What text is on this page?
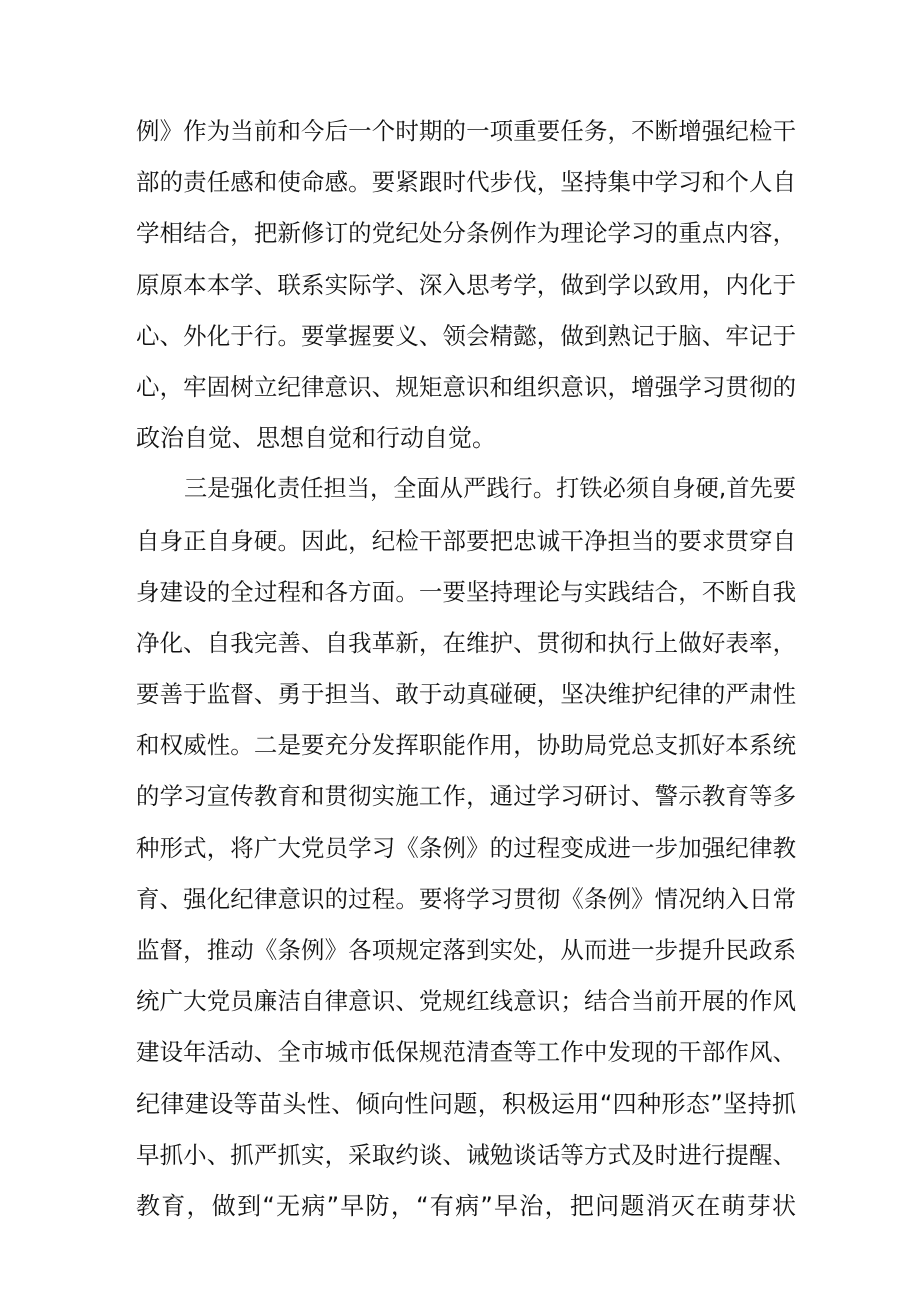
例》作为当前和今后一个时期的一项重要任务，不断增强纪检干
部的责任感和使命感。要紧跟时代步伐，坚持集中学习和个人自
学相结合，把新修订的党纪处分条例作为理论学习的重点内容，
原原本本学、联系实际学、深入思考学，做到学以致用，内化于
心、外化于行。要掌握要义、领会精懿，做到熟记于脑、牢记于
心，牢固树立纪律意识、规矩意识和组织意识，增强学习贯彻的
政治自觉、思想自觉和行动自觉。
三是强化责任担当，全面从严践行。打铁必须自身硬,首先要
自身正自身硬。因此，纪检干部要把忠诚干净担当的要求贯穿自
身建设的全过程和各方面。一要坚持理论与实践结合，不断自我
净化、自我完善、自我革新，在维护、贯彻和执行上做好表率，
要善于监督、勇于担当、敢于动真碰硬，坚决维护纪律的严肃性
和权威性。二是要充分发挥职能作用，协助局党总支抓好本系统
的学习宣传教育和贯彻实施工作，通过学习研讨、警示教育等多
种形式，将广大党员学习《条例》的过程变成进一步加强纪律教
育、强化纪律意识的过程。要将学习贯彻《条例》情况纳入日常
监督，推动《条例》各项规定落到实处，从而进一步提升民政系
统广大党员廉洁自律意识、党规红线意识；结合当前开展的作风
建设年活动、全市城市低保规范清查等工作中发现的干部作风、
纪律建设等苗头性、倾向性问题，积极运用“四种形态”坚持抓
早抓小、抓严抓实，采取约谈、诫勉谈话等方式及时进行提醒、
教育，做到“无病”早防，“有病”早治，把问题消灭在萌芽状
